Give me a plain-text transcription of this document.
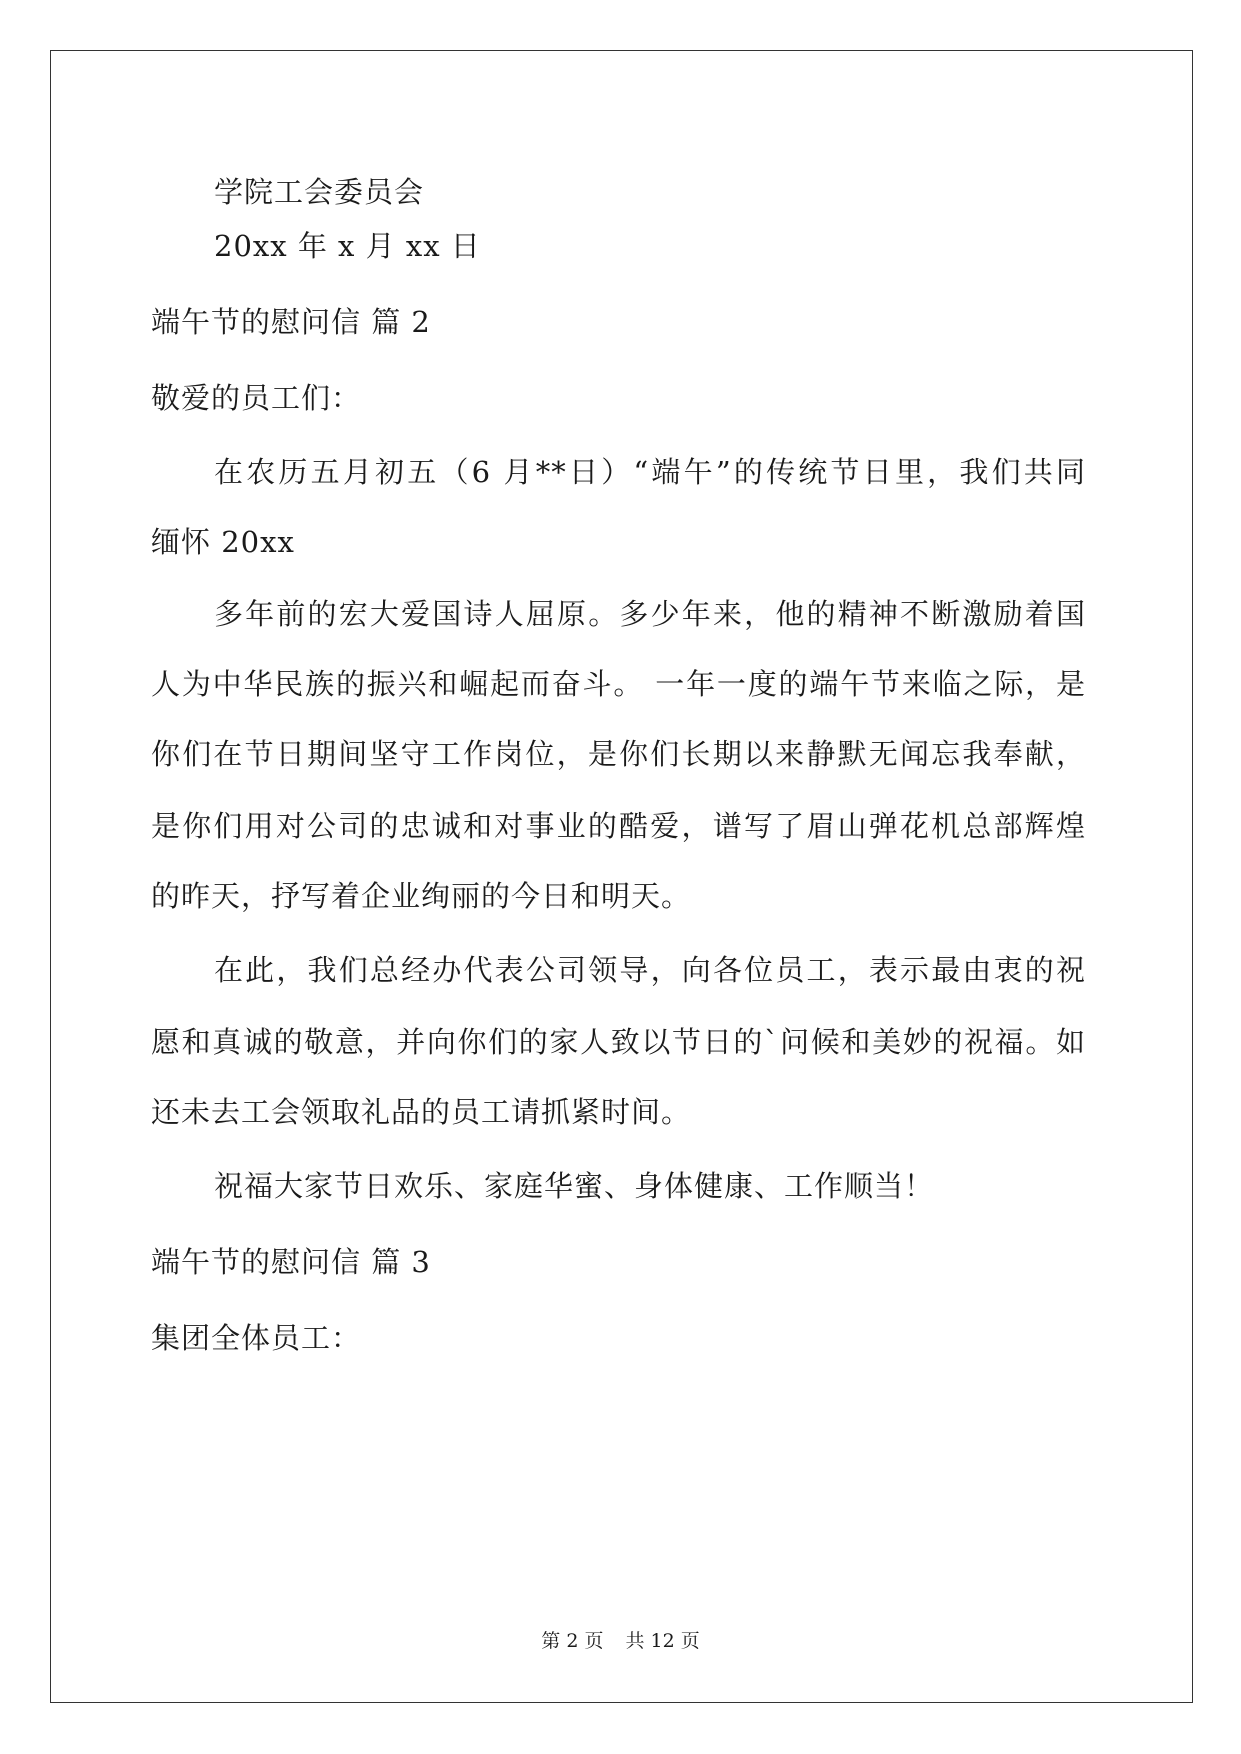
学院工会委员会
20xx 年 x 月 xx 日
端午节的慰问信 篇 2
敬爱的员工们：
在农历五月初五（6 月**日）“端午”的传统节日里，我们共同
缅怀 20xx
多年前的宏大爱国诗人屈原。多少年来，他的精神不断激励着国
人为中华民族的振兴和崛起而奋斗。 一年一度的端午节来临之际，是
你们在节日期间坚守工作岗位，是你们长期以来静默无闻忘我奉献，
是你们用对公司的忠诚和对事业的酷爱，谱写了眉山弹花机总部辉煌
的昨天，抒写着企业绚丽的今日和明天。
在此，我们总经办代表公司领导，向各位员工，表示最由衷的祝
愿和真诚的敬意，并向你们的家人致以节日的`问候和美妙的祝福。如
还未去工会领取礼品的员工请抓紧时间。
祝福大家节日欢乐、家庭华蜜、身体健康、工作顺当！
端午节的慰问信 篇 3
集团全体员工：
第 2 页 共 12 页
